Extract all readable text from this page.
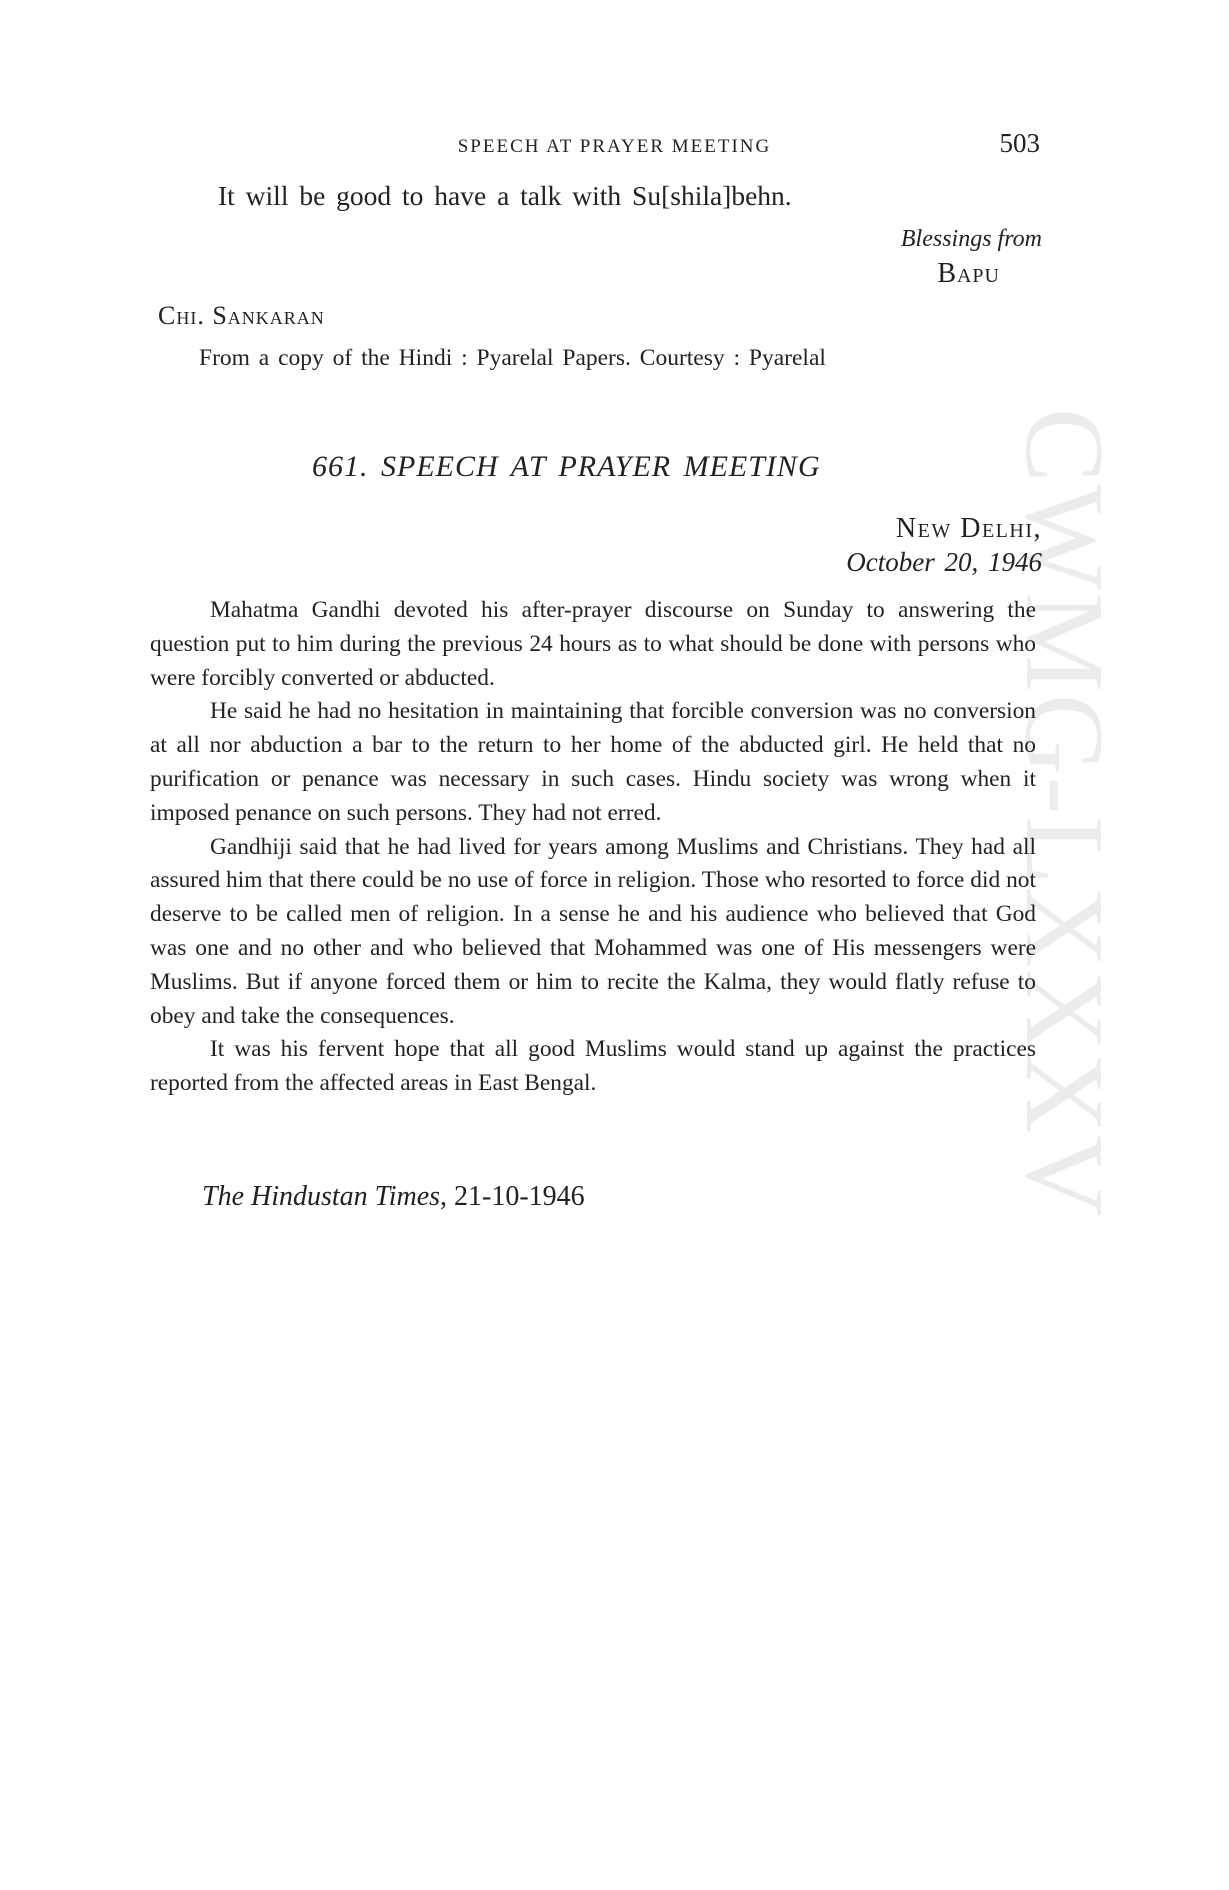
SPEECH AT PRAYER MEETING	503
CWMG-LXXXV
It will be good to have a talk with Su[shila]behn.
Blessings from
Bapu
Chi. Sankaran
From a copy of the Hindi : Pyarelal Papers. Courtesy : Pyarelal
661. SPEECH AT PRAYER MEETING
New Delhi,
October 20, 1946

Mahatma Gandhi devoted his after-prayer discourse on Sunday to answering the question put to him during the previous 24 hours as to what should be done with persons who were forcibly converted or abducted.

He said he had no hesitation in maintaining that forcible conversion was no conversion at all nor abduction a bar to the return to her home of the abducted girl. He held that no purification or penance was necessary in such cases. Hindu society was wrong when it imposed penance on such persons. They had not erred.

Gandhiji said that he had lived for years among Muslims and Christians. They had all assured him that there could be no use of force in religion. Those who resorted to force did not deserve to be called men of religion. In a sense he and his audience who believed that God was one and no other and who believed that Mohammed was one of His messengers were Muslims. But if anyone forced them or him to recite the Kalma, they would flatly refuse to obey and take the consequences.

It was his fervent hope that all good Muslims would stand up against the practices reported from the affected areas in East Bengal.

The Hindustan Times, 21-10-1946
